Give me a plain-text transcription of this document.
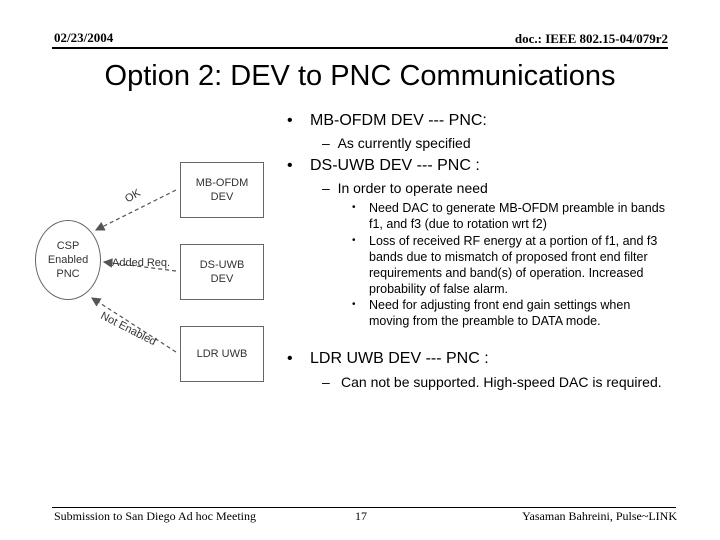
02/23/2004	doc.: IEEE 802.15-04/079r2
Option 2: DEV to PNC Communications
CSP
Enabled
PNC
MB-OFDM
DEV
DS-UWB
DEV
LDR UWB
OK
Added Req.
Not Enabled
• MB-OFDM DEV --- PNC:
–  As currently specified
• DS-UWB DEV --- PNC :
–  In order to operate need
• Need DAC to generate MB-OFDM preamble in bands f1, and f3 (due to rotation wrt f2)
• Loss of received RF energy at a portion of f1, and f3 bands due to mismatch of proposed front end filter requirements and band(s) of operation. Increased probability of false alarm.
• Need for adjusting front end gain settings when moving from the preamble to DATA mode.
• LDR UWB DEV --- PNC :
– Can not be supported. High-speed DAC is required.
Submission to San Diego Ad hoc Meeting	17	Yasaman Bahreini, Pulse~LINK
